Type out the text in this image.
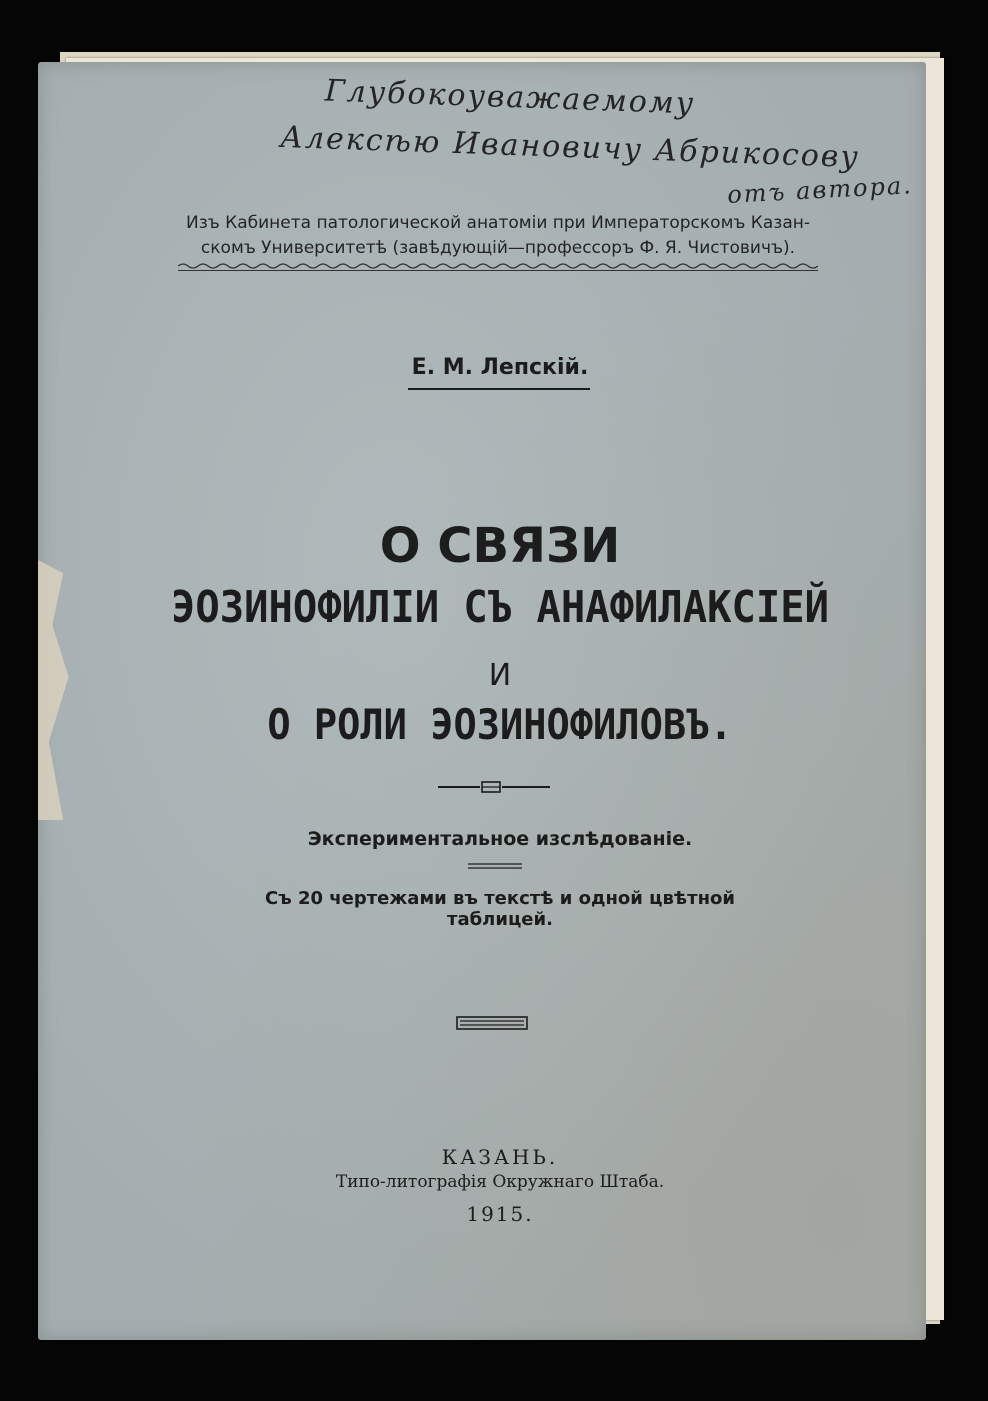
Глубокоуважаемому
Алексѣю Ивановичу Абрикосову
отъ автора.
Изъ Кабинета патологической анатомiи при Императорскомъ Казан-
скомъ Университетѣ (завѣдующiй—профессоръ Ф. Я. Чистовичъ).
Е. М. Лепскiй.
О СВЯЗИ
ЭОЗИНОФИЛIИ СЪ АНАФИЛАКСIЕЙ
И
О РОЛИ ЭОЗИНОФИЛОВЪ.
Экспериментальное изслѣдованiе.
Съ 20 чертежами въ текстѣ и одной цвѣтной таблицей.
КАЗАНЬ.
Типо-литографiя Окружнаго Штаба.
1915.
